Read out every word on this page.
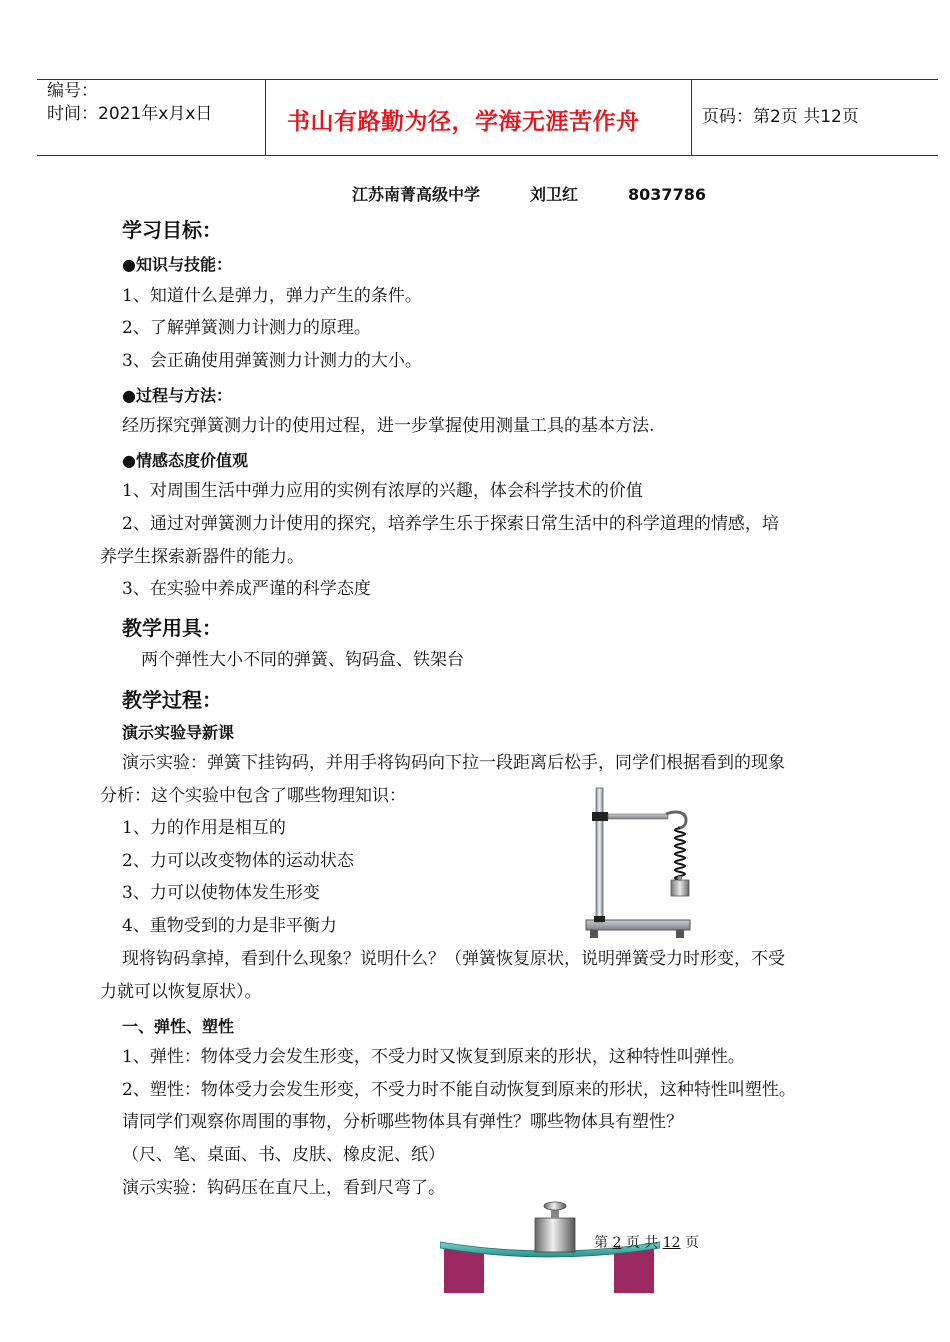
编号：
时间：2021年x月x日	书山有路勤为径，学海无涯苦作舟	页码：第2页 共12页
江苏南菁高级中学	刘卫红	8037786
学习目标：
●知识与技能：
1、知道什么是弹力，弹力产生的条件。
2、了解弹簧测力计测力的原理。
3、会正确使用弹簧测力计测力的大小。
●过程与方法：
经历探究弹簧测力计的使用过程，进一步掌握使用测量工具的基本方法.
●情感态度价值观
1、对周围生活中弹力应用的实例有浓厚的兴趣，体会科学技术的价值
2、通过对弹簧测力计使用的探究，培养学生乐于探索日常生活中的科学道理的情感，培
养学生探索新器件的能力。
3、在实验中养成严谨的科学态度
教学用具：
两个弹性大小不同的弹簧、钩码盒、铁架台
教学过程：
演示实验导新课
演示实验：弹簧下挂钩码，并用手将钩码向下拉一段距离后松手，同学们根据看到的现象
分析：这个实验中包含了哪些物理知识：
1、力的作用是相互的
2、力可以改变物体的运动状态
3、力可以使物体发生形变
4、重物受到的力是非平衡力
现将钩码拿掉，看到什么现象？说明什么？（弹簧恢复原状，说明弹簧受力时形变，不受
力就可以恢复原状）。
一、弹性、塑性
1、弹性：物体受力会发生形变，不受力时又恢复到原来的形状，这种特性叫弹性。
2、塑性：物体受力会发生形变，不受力时不能自动恢复到原来的形状，这种特性叫塑性。
请同学们观察你周围的事物，分析哪些物体具有弹性？哪些物体具有塑性？
（尺、笔、桌面、书、皮肤、橡皮泥、纸）
演示实验：钩码压在直尺上，看到尺弯了。
第 2 页 共 12 页
